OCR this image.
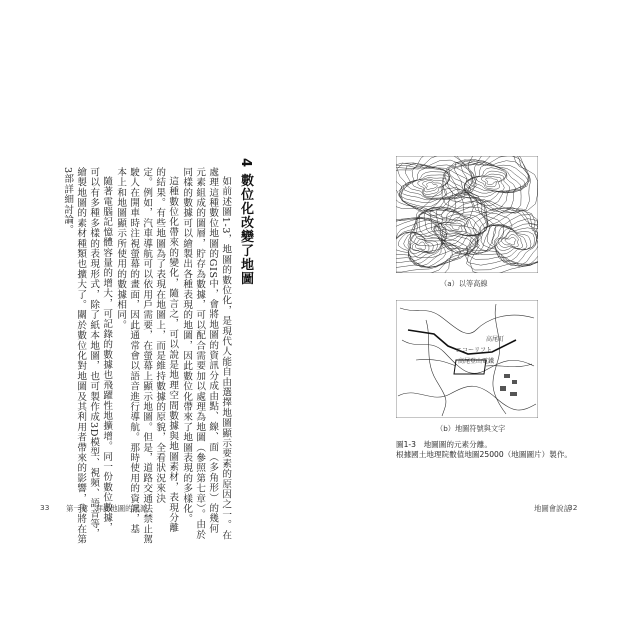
如前述圖1-3，地圖的數位化，是現代人能自由選擇地圖顯示要素的原因之一。在
處理這種數位地圖的GIS中，會將地圖的資訊分成由點、線、面（多角形）的幾何
元素組成的圖層，貯存為數據，可以配合需要加以處理為地圖（參照第七章）。由於
同樣的數據可以繪製出各種表現的地圖，因此數位化帶來了地圖表現的多樣化。
這種數位化帶來的變化，隨言之，可以說是地理空間數據與地圖素材，表現分離
的結果。有些地圖為了表現在地圖上，而是維持數據的原貌，全看狀況來決
定。例如，汽車導航可以依用戶需要，在螢幕上顯示地圖。但是，道路交通法禁止駕
駛人在開車時注視螢幕的畫面，因此通常會以語音進行導航。那時使用的資訊，基
本上和地圖顯示所使用的數據相同。
隨著電腦記憶體容量的增大，可記錄的數據也飛躍性地擴增。同一份數位數據，
可以有多種多樣的表現形式，除了紙本地圖，也可製作成3D模型、視頻、語音等，
繪製地圖的素材種類也擴大了。關於數位化對地圖及其利用者帶來的影響，我將在第
3部詳細討論。	4 數位化改變了地圖	（a）以等高線
高尾町
エコーリフト
高尾登山電鐵
（b）地圖符號與文字
圖1-3　地圖圖的元素分離。
根據國土地理院數值地圖25000（地圖圖片）製作。
33 第一章　拜訪地圖的起源	地圖會說話
32
